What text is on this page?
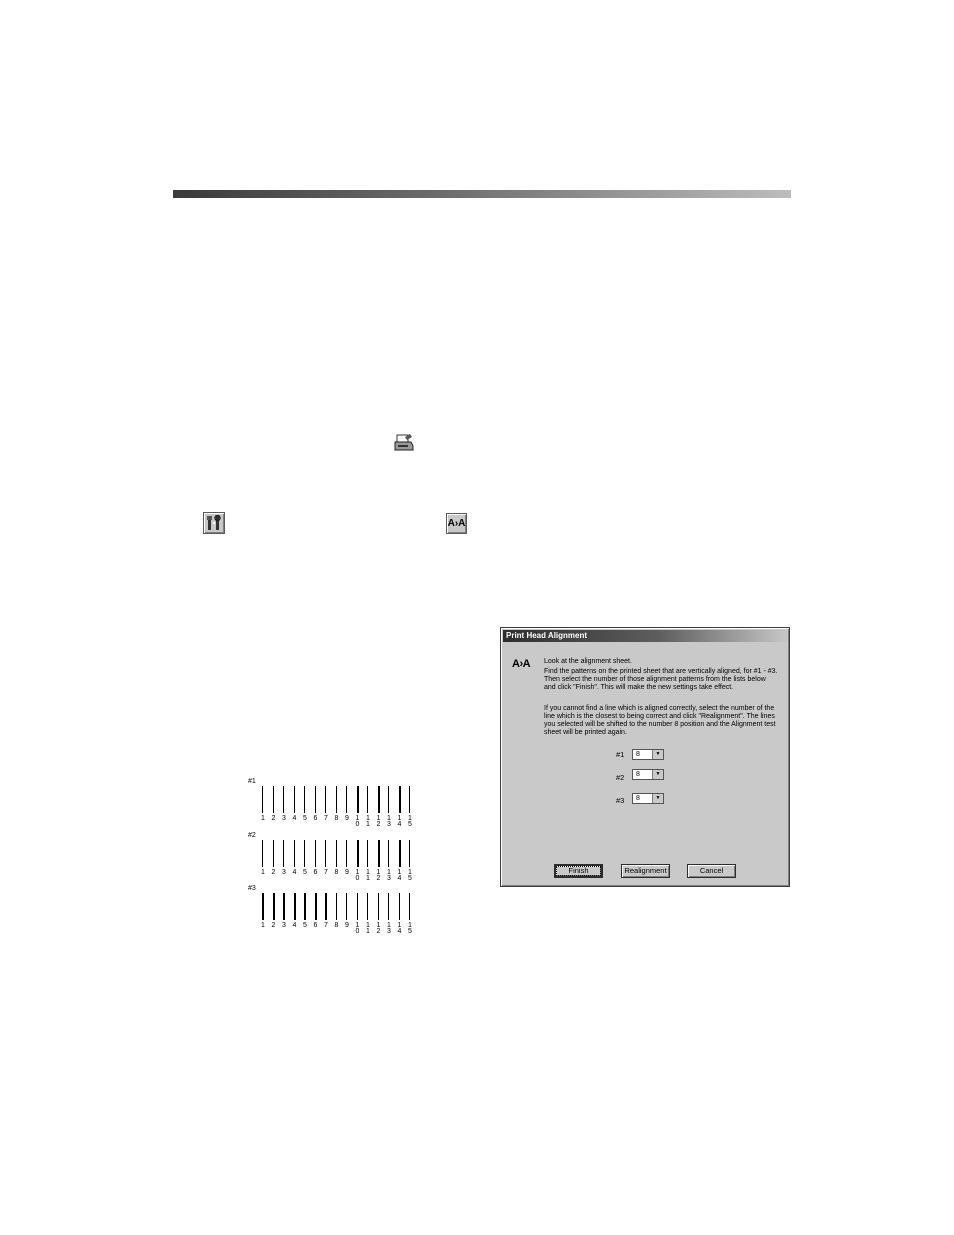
A›A
#1
1 2 3 4 5 6 7 8 9 1
0
1
1
1
2
1
3
1
4
1
5
#2
1 2 3 4 5 6 7 8 9 1
0
1
1
1
2
1
3
1
4
1
5
#3
1 2 3 4 5 6 7 8 9 1
0
1
1
1
2
1
3
1
4
1
5
Print Head Alignment
A›A Look at the alignment sheet.
Find the patterns on the printed sheet that are vertically aligned, for #1 - #3. Then select the number of those alignment patterns from the lists below and click "Finish". This will make the new settings take effect.
If you cannot find a line which is aligned correctly, select the number of the line which is the closest to being correct and click "Realignment". The lines you selected will be shifted to the number 8 position and the Alignment test sheet will be printed again.
#1	8	▼
#2	8	▼
#3	8	▼
Finish	Realignment	Cancel
